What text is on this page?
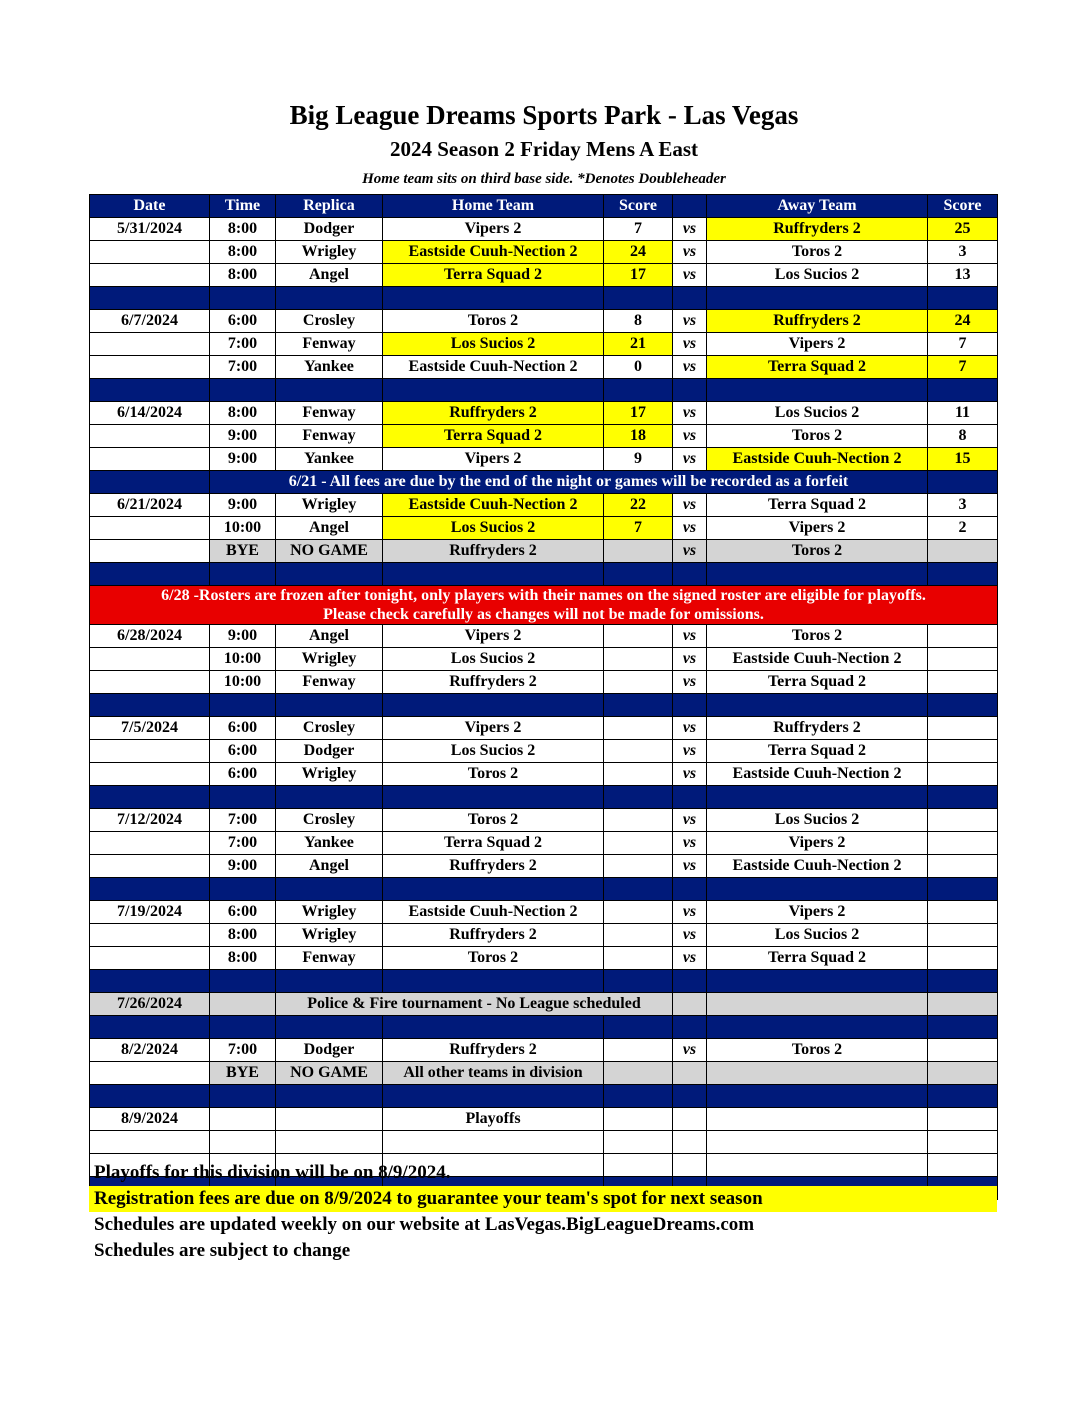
Big League Dreams Sports Park - Las Vegas
2024 Season 2 Friday Mens A East
Home team sits on third base side. *Denotes Doubleheader
Date	Time	Replica	Home Team	Score		Away Team	Score
5/31/2024	8:00	Dodger	Vipers 2	7	vs	Ruffryders 2	25
	8:00	Wrigley	Eastside Cuuh-Nection 2	24	vs	Toros 2	3
	8:00	Angel	Terra Squad 2	17	vs	Los Sucios 2	13

6/7/2024	6:00	Crosley	Toros 2	8	vs	Ruffryders 2	24
	7:00	Fenway	Los Sucios 2	21	vs	Vipers 2	7
	7:00	Yankee	Eastside Cuuh-Nection 2	0	vs	Terra Squad 2	7

6/14/2024	8:00	Fenway	Ruffryders 2	17	vs	Los Sucios 2	11
	9:00	Fenway	Terra Squad 2	18	vs	Toros 2	8
	9:00	Yankee	Vipers 2	9	vs	Eastside Cuuh-Nection 2	15
	6/21 - All fees are due by the end of the night or games will be recorded as a forfeit						
6/21/2024	9:00	Wrigley	Eastside Cuuh-Nection 2	22	vs	Terra Squad 2	3
	10:00	Angel	Los Sucios 2	7	vs	Vipers 2	2
	BYE	NO GAME	Ruffryders 2		vs	Toros 2	

6/28 -Rosters are frozen after tonight, only players with their names on the signed roster are eligible for playoffs.
Please check carefully as changes will not be made for omissions.							

6/28/2024	9:00	Angel	Vipers 2		vs	Toros 2	
	10:00	Wrigley	Los Sucios 2		vs	Eastside Cuuh-Nection 2	
	10:00	Fenway	Ruffryders 2		vs	Terra Squad 2	

7/5/2024	6:00	Crosley	Vipers 2		vs	Ruffryders 2	
	6:00	Dodger	Los Sucios 2		vs	Terra Squad 2	
	6:00	Wrigley	Toros 2		vs	Eastside Cuuh-Nection 2	

7/12/2024	7:00	Crosley	Toros 2		vs	Los Sucios 2	
	7:00	Yankee	Terra Squad 2		vs	Vipers 2	
	9:00	Angel	Ruffryders 2		vs	Eastside Cuuh-Nection 2	

7/19/2024	6:00	Wrigley	Eastside Cuuh-Nection 2		vs	Vipers 2	
	8:00	Wrigley	Ruffryders 2		vs	Los Sucios 2	
	8:00	Fenway	Toros 2		vs	Terra Squad 2	

7/26/2024		Police & Fire tournament - No League scheduled					

8/2/2024	7:00	Dodger	Ruffryders 2		vs	Toros 2	
	BYE	NO GAME	All other teams in division				

8/9/2024			Playoffs				

Playoffs for this division will be on 8/9/2024.
Registration fees are due on 8/9/2024 to guarantee your team's spot for next season
Schedules are updated weekly on our website at LasVegas.BigLeagueDreams.com
Schedules are subject to change
